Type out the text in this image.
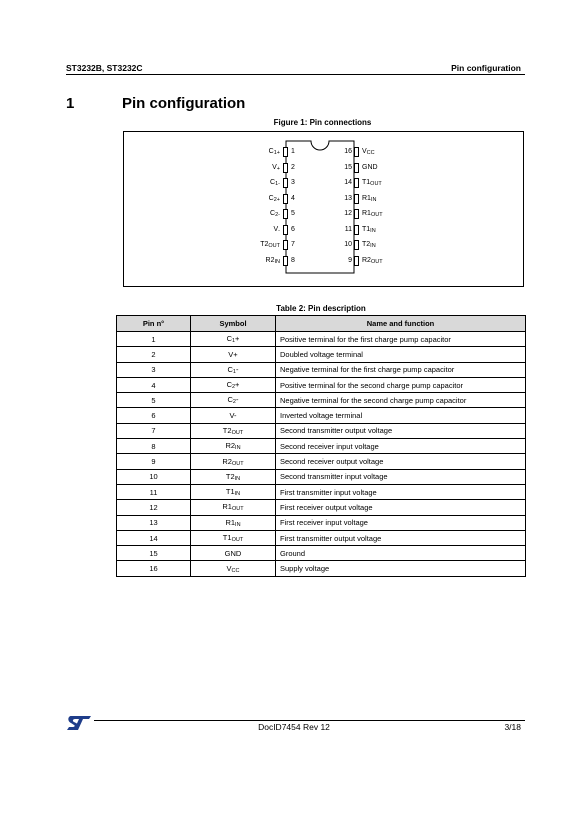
ST3232B, ST3232C	Pin configuration
1	Pin configuration
Figure 1: Pin connections
1
$C_{1+}$
2
$V_+$
3
$C_{1-}$
4
$C_{2+}$
5
$C_{2-}$
6
$V_-$
7
$T2_{OUT}$
8
$R2_{IN}$
16 $V_{CC}$
15 GND
14 $T1_{OUT}$
13 $R1_{IN}$
12 $R1_{OUT}$
11 $T1_{IN}$
10 $T2_{IN}$
9 $R2_{OUT}$
Table 2: Pin description
Pin n°	Symbol	Name and function
1	$C_1+$	Positive terminal for the first charge pump capacitor
2	V+	Doubled voltage terminal
3	$C_1-$	Negative terminal for the first charge pump capacitor
4	$C_2+$	Positive terminal for the second charge pump capacitor
5	$C_2-$	Negative terminal for the second charge pump capacitor
6	V-	Inverted voltage terminal
7	$T2_{OUT}$	Second transmitter output voltage
8	$R2_{IN}$	Second receiver input voltage
9	$R2_{OUT}$	Second receiver output voltage
10	$T2_{IN}$	Second transmitter input voltage
11	$T1_{IN}$	First transmitter input voltage
12	$R1_{OUT}$	First receiver output voltage
13	$R1_{IN}$	First receiver input voltage
14	$T1_{OUT}$	First transmitter output voltage
15	GND	Ground
16	$V_{CC}$	Supply voltage
DocID7454 Rev 12	3/18
